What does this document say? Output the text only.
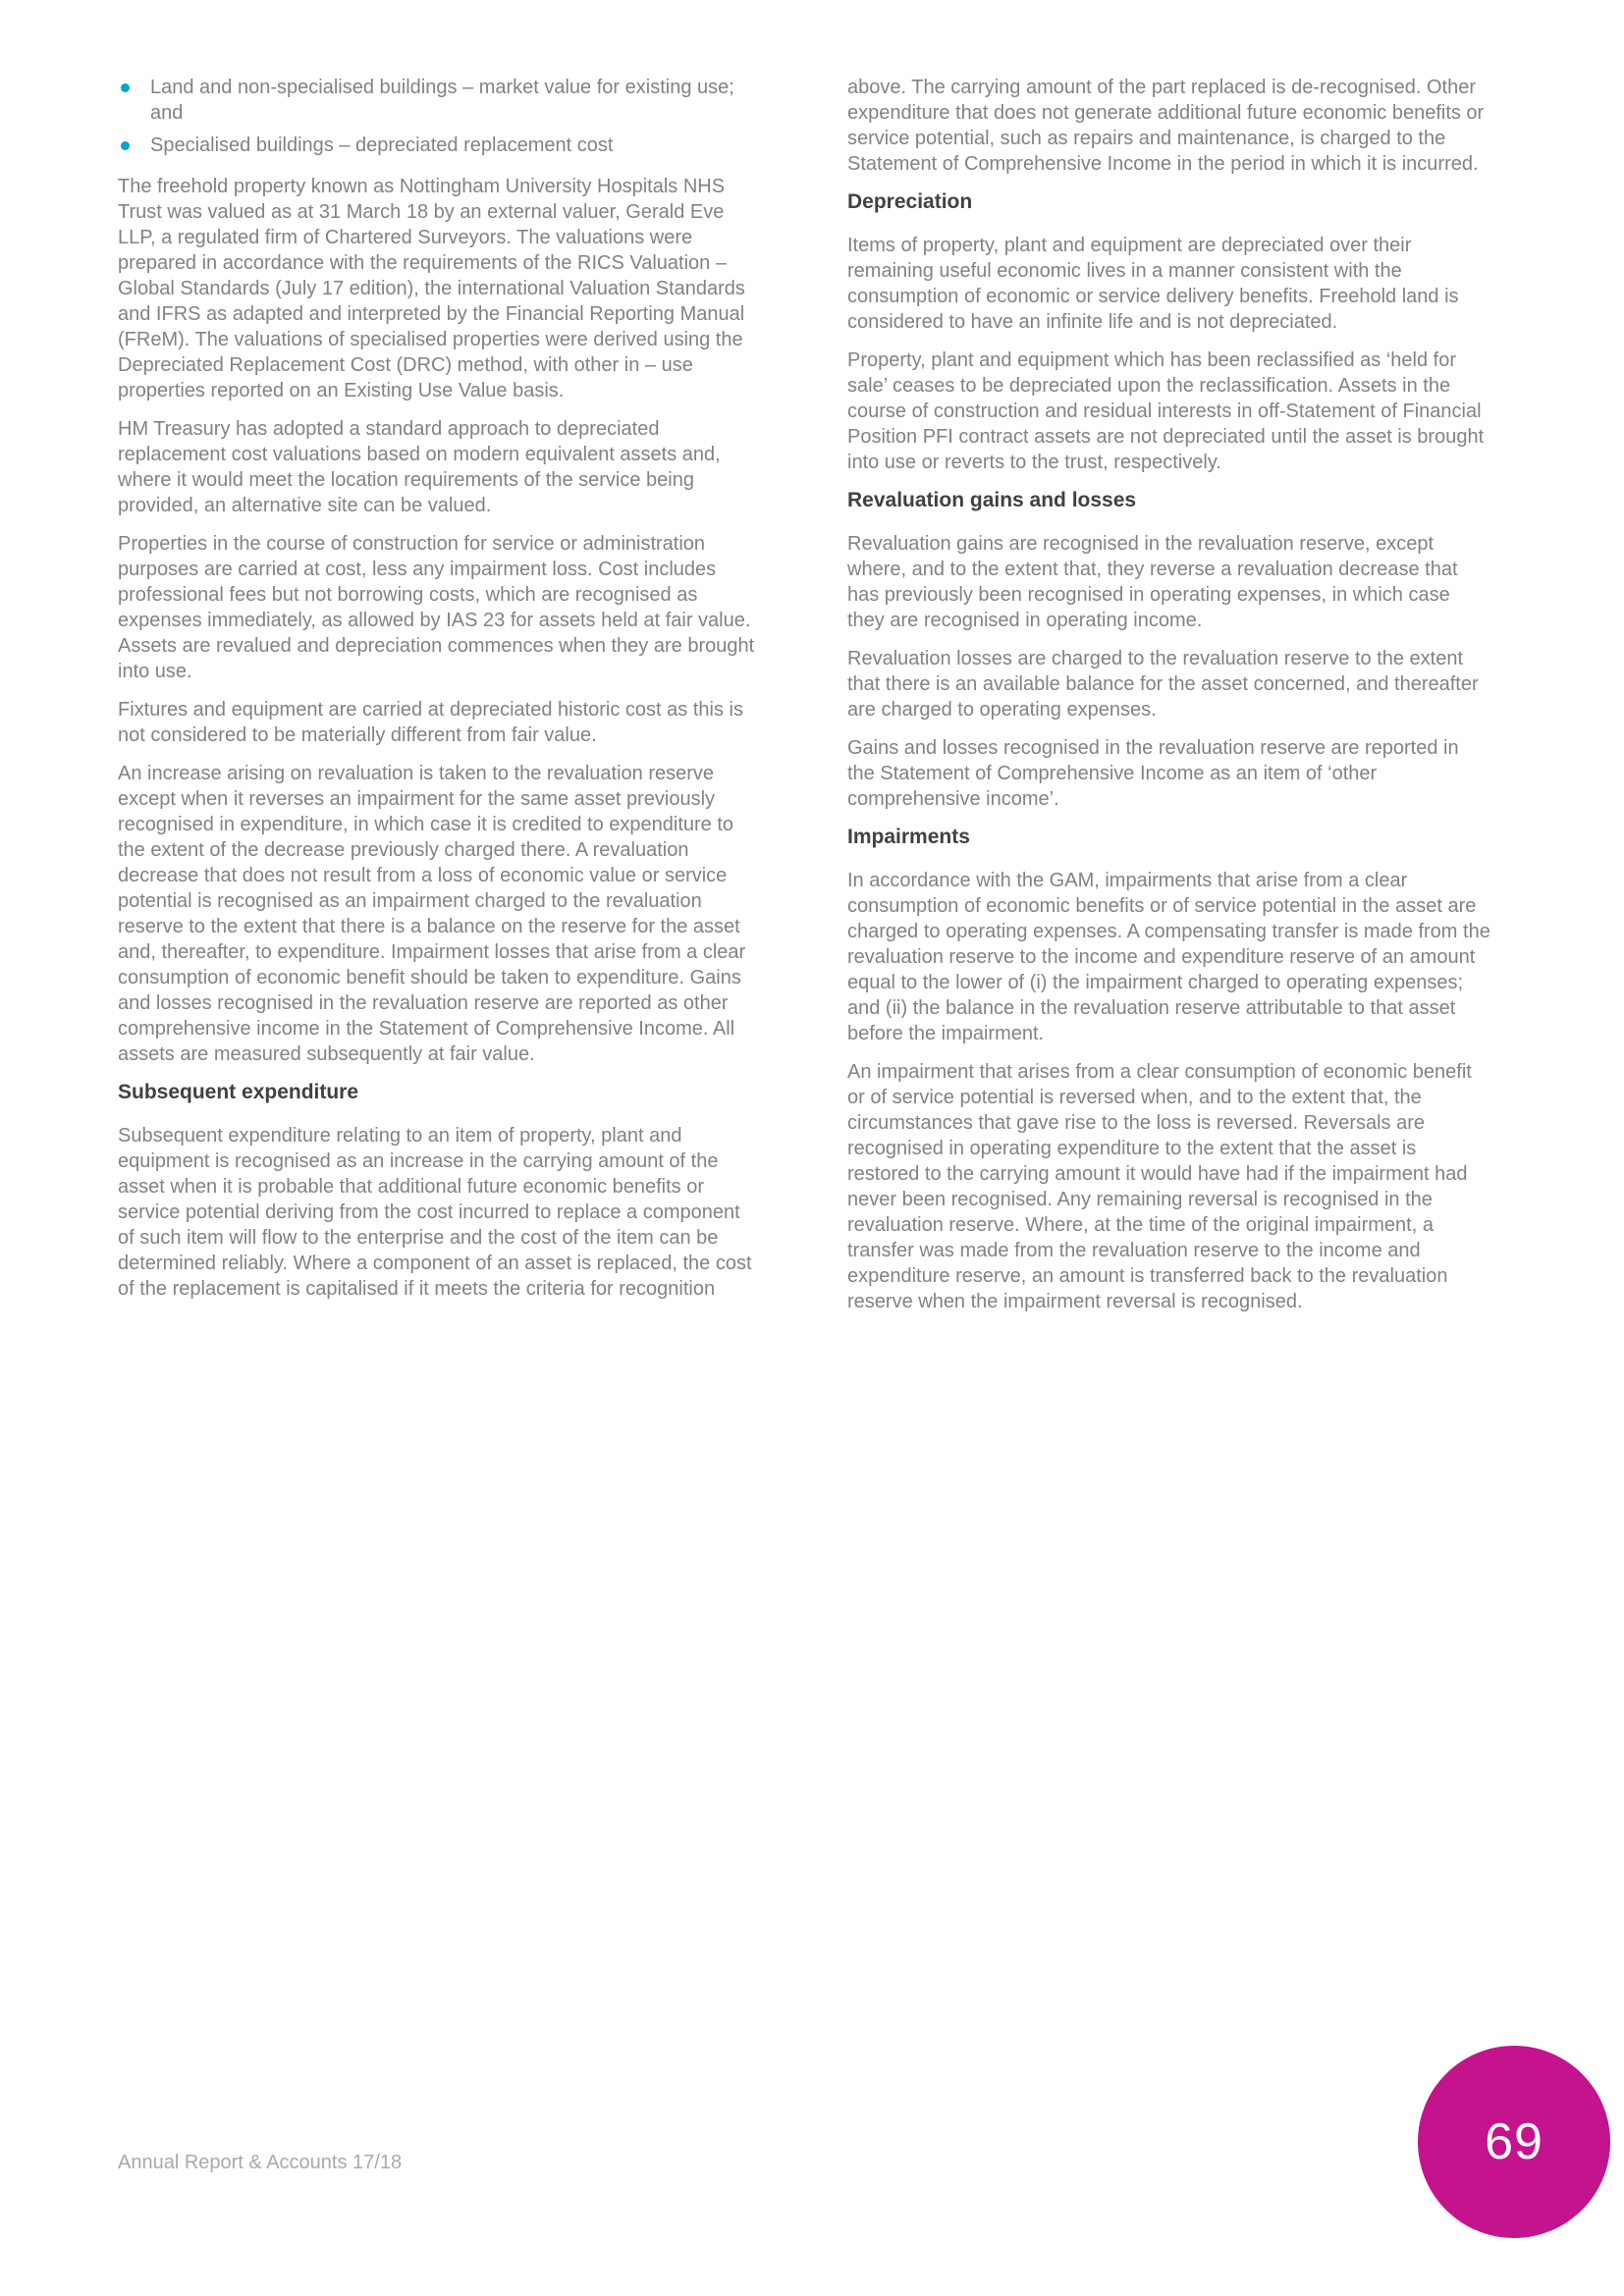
Land and non-specialised buildings – market value for existing use; and
Specialised buildings – depreciated replacement cost

The freehold property known as Nottingham University Hospitals NHS Trust was valued as at 31 March 18 by an external valuer, Gerald Eve LLP, a regulated firm of Chartered Surveyors. The valuations were prepared in accordance with the requirements of the RICS Valuation – Global Standards (July 17 edition), the international Valuation Standards and IFRS as adapted and interpreted by the Financial Reporting Manual (FReM). The valuations of specialised properties were derived using the Depreciated Replacement Cost (DRC) method, with other in – use properties reported on an Existing Use Value basis.

HM Treasury has adopted a standard approach to depreciated replacement cost valuations based on modern equivalent assets and, where it would meet the location requirements of the service being provided, an alternative site can be valued.

Properties in the course of construction for service or administration purposes are carried at cost, less any impairment loss. Cost includes professional fees but not borrowing costs, which are recognised as expenses immediately, as allowed by IAS 23 for assets held at fair value. Assets are revalued and depreciation commences when they are brought into use.

Fixtures and equipment are carried at depreciated historic cost as this is not considered to be materially different from fair value.

An increase arising on revaluation is taken to the revaluation reserve except when it reverses an impairment for the same asset previously recognised in expenditure, in which case it is credited to expenditure to the extent of the decrease previously charged there. A revaluation decrease that does not result from a loss of economic value or service potential is recognised as an impairment charged to the revaluation reserve to the extent that there is a balance on the reserve for the asset and, thereafter, to expenditure. Impairment losses that arise from a clear consumption of economic benefit should be taken to expenditure. Gains and losses recognised in the revaluation reserve are reported as other comprehensive income in the Statement of Comprehensive Income. All assets are measured subsequently at fair value.

Subsequent expenditure

Subsequent expenditure relating to an item of property, plant and equipment is recognised as an increase in the carrying amount of the asset when it is probable that additional future economic benefits or service potential deriving from the cost incurred to replace a component of such item will flow to the enterprise and the cost of the item can be determined reliably. Where a component of an asset is replaced, the cost of the replacement is capitalised if it meets the criteria for recognition

above. The carrying amount of the part replaced is de-recognised. Other expenditure that does not generate additional future economic benefits or service potential, such as repairs and maintenance, is charged to the Statement of Comprehensive Income in the period in which it is incurred.

Depreciation

Items of property, plant and equipment are depreciated over their remaining useful economic lives in a manner consistent with the consumption of economic or service delivery benefits. Freehold land is considered to have an infinite life and is not depreciated.

Property, plant and equipment which has been reclassified as ‘held for sale’ ceases to be depreciated upon the reclassification. Assets in the course of construction and residual interests in off-Statement of Financial Position PFI contract assets are not depreciated until the asset is brought into use or reverts to the trust, respectively.

Revaluation gains and losses

Revaluation gains are recognised in the revaluation reserve, except where, and to the extent that, they reverse a revaluation decrease that has previously been recognised in operating expenses, in which case they are recognised in operating income.

Revaluation losses are charged to the revaluation reserve to the extent that there is an available balance for the asset concerned, and thereafter are charged to operating expenses.

Gains and losses recognised in the revaluation reserve are reported in the Statement of Comprehensive Income as an item of ‘other comprehensive income’.

Impairments

In accordance with the GAM, impairments that arise from a clear consumption of economic benefits or of service potential in the asset are charged to operating expenses. A compensating transfer is made from the revaluation reserve to the income and expenditure reserve of an amount equal to the lower of (i) the impairment charged to operating expenses; and (ii) the balance in the revaluation reserve attributable to that asset before the impairment.

An impairment that arises from a clear consumption of economic benefit or of service potential is reversed when, and to the extent that, the circumstances that gave rise to the loss is reversed. Reversals are recognised in operating expenditure to the extent that the asset is restored to the carrying amount it would have had if the impairment had never been recognised. Any remaining reversal is recognised in the revaluation reserve. Where, at the time of the original impairment, a transfer was made from the revaluation reserve to the income and expenditure reserve, an amount is transferred back to the revaluation reserve when the impairment reversal is recognised.

Annual Report & Accounts 17/18	69
